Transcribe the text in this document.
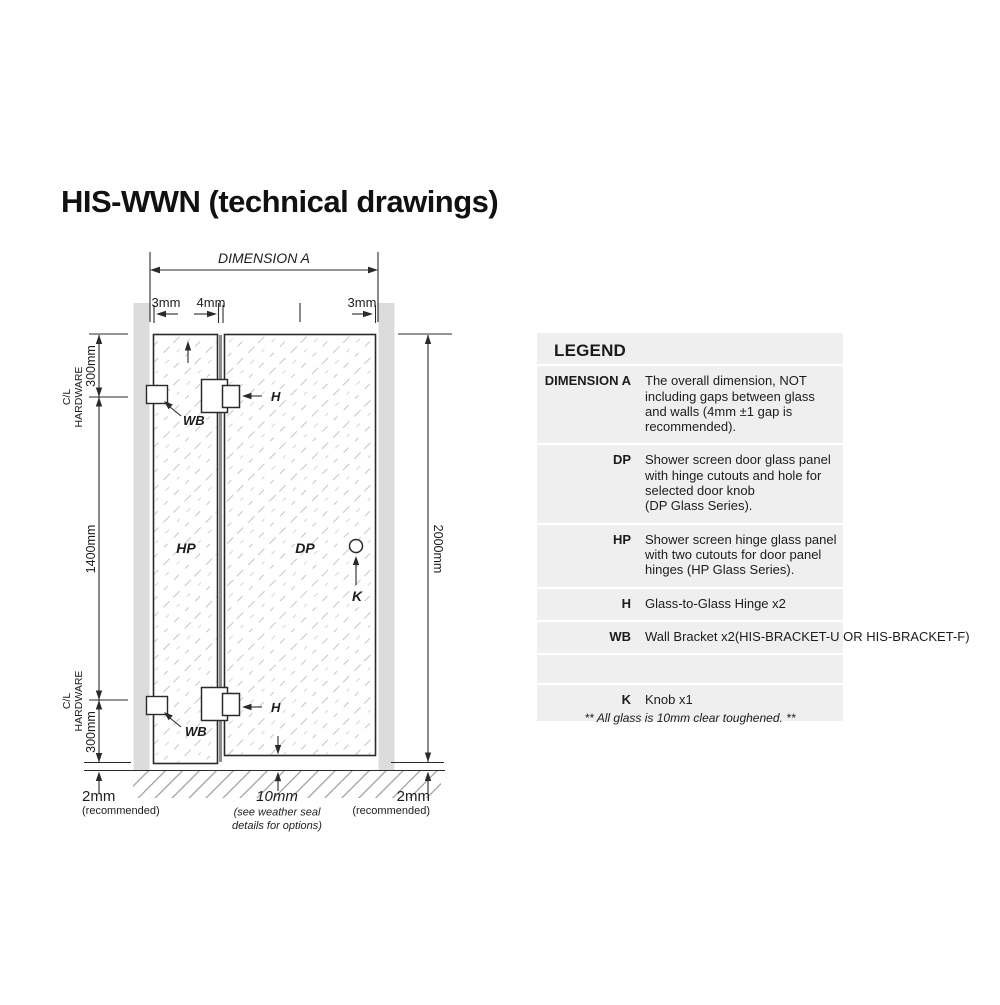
HIS-WWN (technical drawings)
DIMENSION A
3mm 4mm	3mm
300mm
C/L HARDWARE
1400mm
C/L HARDWARE
300mm
2000mm
HP	DP
H
H
WB
WB
K
2mm
(recommended)
10mm
(see weather seal
details for options)
2mm
(recommended)
LEGEND
DIMENSION A	The overall dimension, NOT
including gaps between glass
and walls (4mm ±1 gap is
recommended).
DP	Shower screen door glass panel
with hinge cutouts and hole for
selected door knob
(DP Glass Series).
HP	Shower screen hinge glass panel
with two cutouts for door panel
hinges (HP Glass Series).
H	Glass-to-Glass Hinge x2
WB	Wall Bracket x2(HIS-BRACKET-U OR HIS-BRACKET-F)
K	Knob x1
** All glass is 10mm clear toughened. **
